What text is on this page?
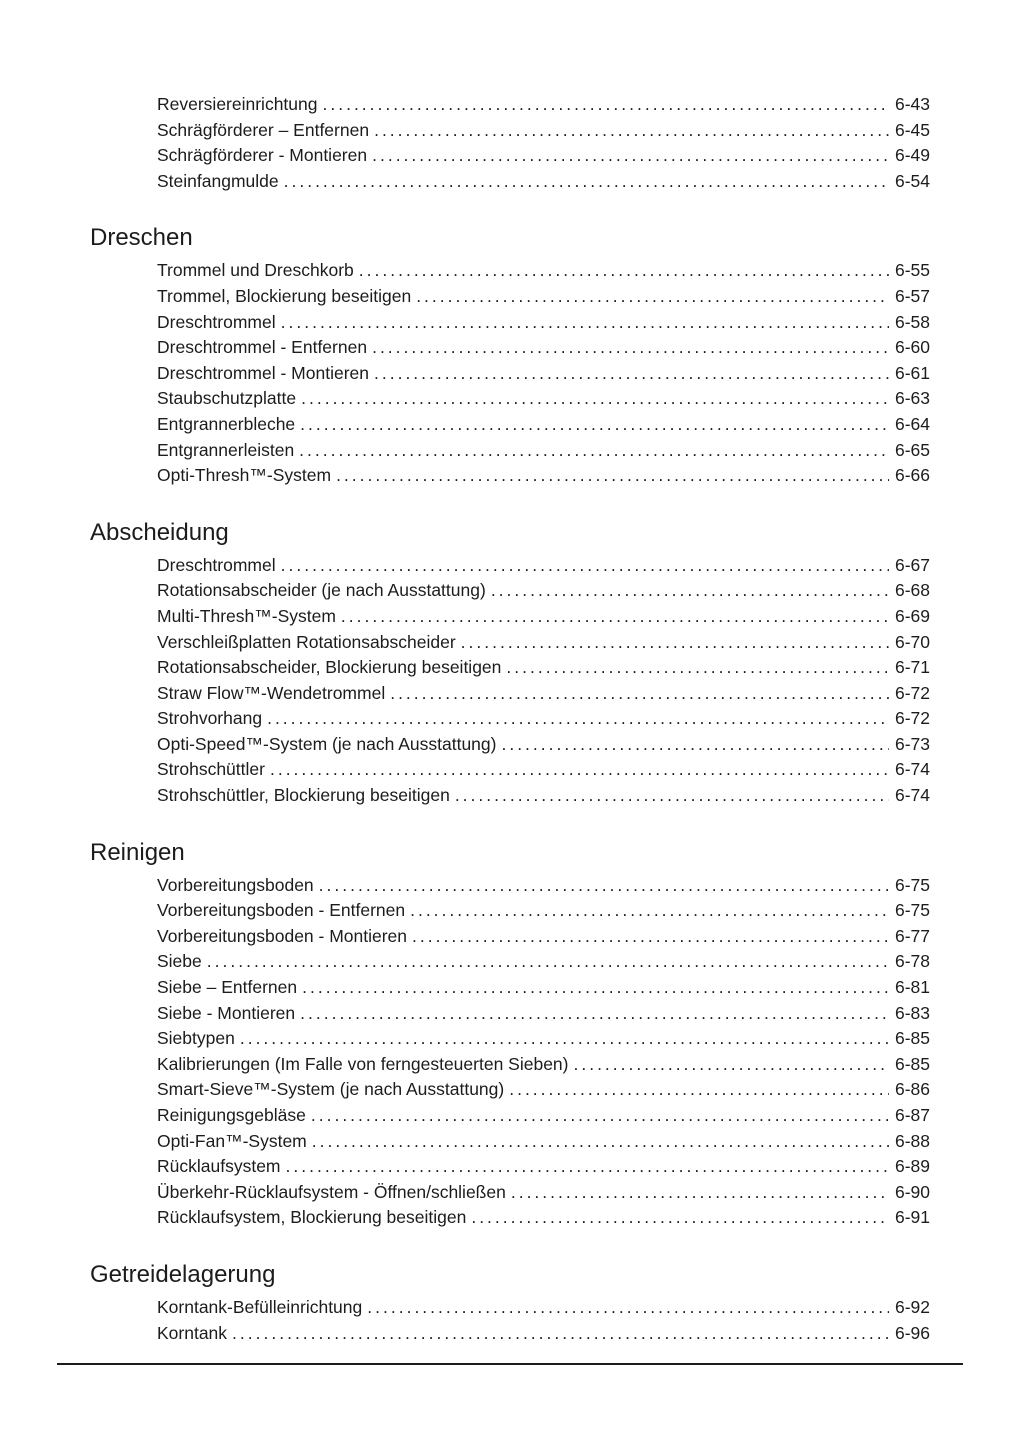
Reversiereinrichtung .....	6-43
Schrägförderer – Entfernen .....	6-45
Schrägförderer - Montieren .....	6-49
Steinfangmulde .....	6-54
Dreschen
Trommel und Dreschkorb .....	6-55
Trommel, Blockierung beseitigen .....	6-57
Dreschtrommel .....	6-58
Dreschtrommel - Entfernen .....	6-60
Dreschtrommel - Montieren .....	6-61
Staubschutzplatte .....	6-63
Entgrannerbleche .....	6-64
Entgrannerleisten .....	6-65
Opti-Thresh™-System .....	6-66
Abscheidung
Dreschtrommel .....	6-67
Rotationsabscheider (je nach Ausstattung) .....	6-68
Multi-Thresh™-System .....	6-69
Verschleißplatten Rotationsabscheider .....	6-70
Rotationsabscheider, Blockierung beseitigen .....	6-71
Straw Flow™-Wendetrommel .....	6-72
Strohvorhang .....	6-72
Opti-Speed™-System (je nach Ausstattung) .....	6-73
Strohschüttler .....	6-74
Strohschüttler, Blockierung beseitigen .....	6-74
Reinigen
Vorbereitungsboden .....	6-75
Vorbereitungsboden - Entfernen .....	6-75
Vorbereitungsboden - Montieren .....	6-77
Siebe .....	6-78
Siebe – Entfernen .....	6-81
Siebe - Montieren .....	6-83
Siebtypen .....	6-85
Kalibrierungen (Im Falle von ferngesteuerten Sieben) .....	6-85
Smart-Sieve™-System (je nach Ausstattung) .....	6-86
Reinigungsgebläse .....	6-87
Opti-Fan™-System .....	6-88
Rücklaufsystem .....	6-89
Überkehr-Rücklaufsystem - Öffnen/schließen .....	6-90
Rücklaufsystem, Blockierung beseitigen .....	6-91
Getreidelagerung
Korntank-Befülleinrichtung .....	6-92
Korntank .....	6-96
